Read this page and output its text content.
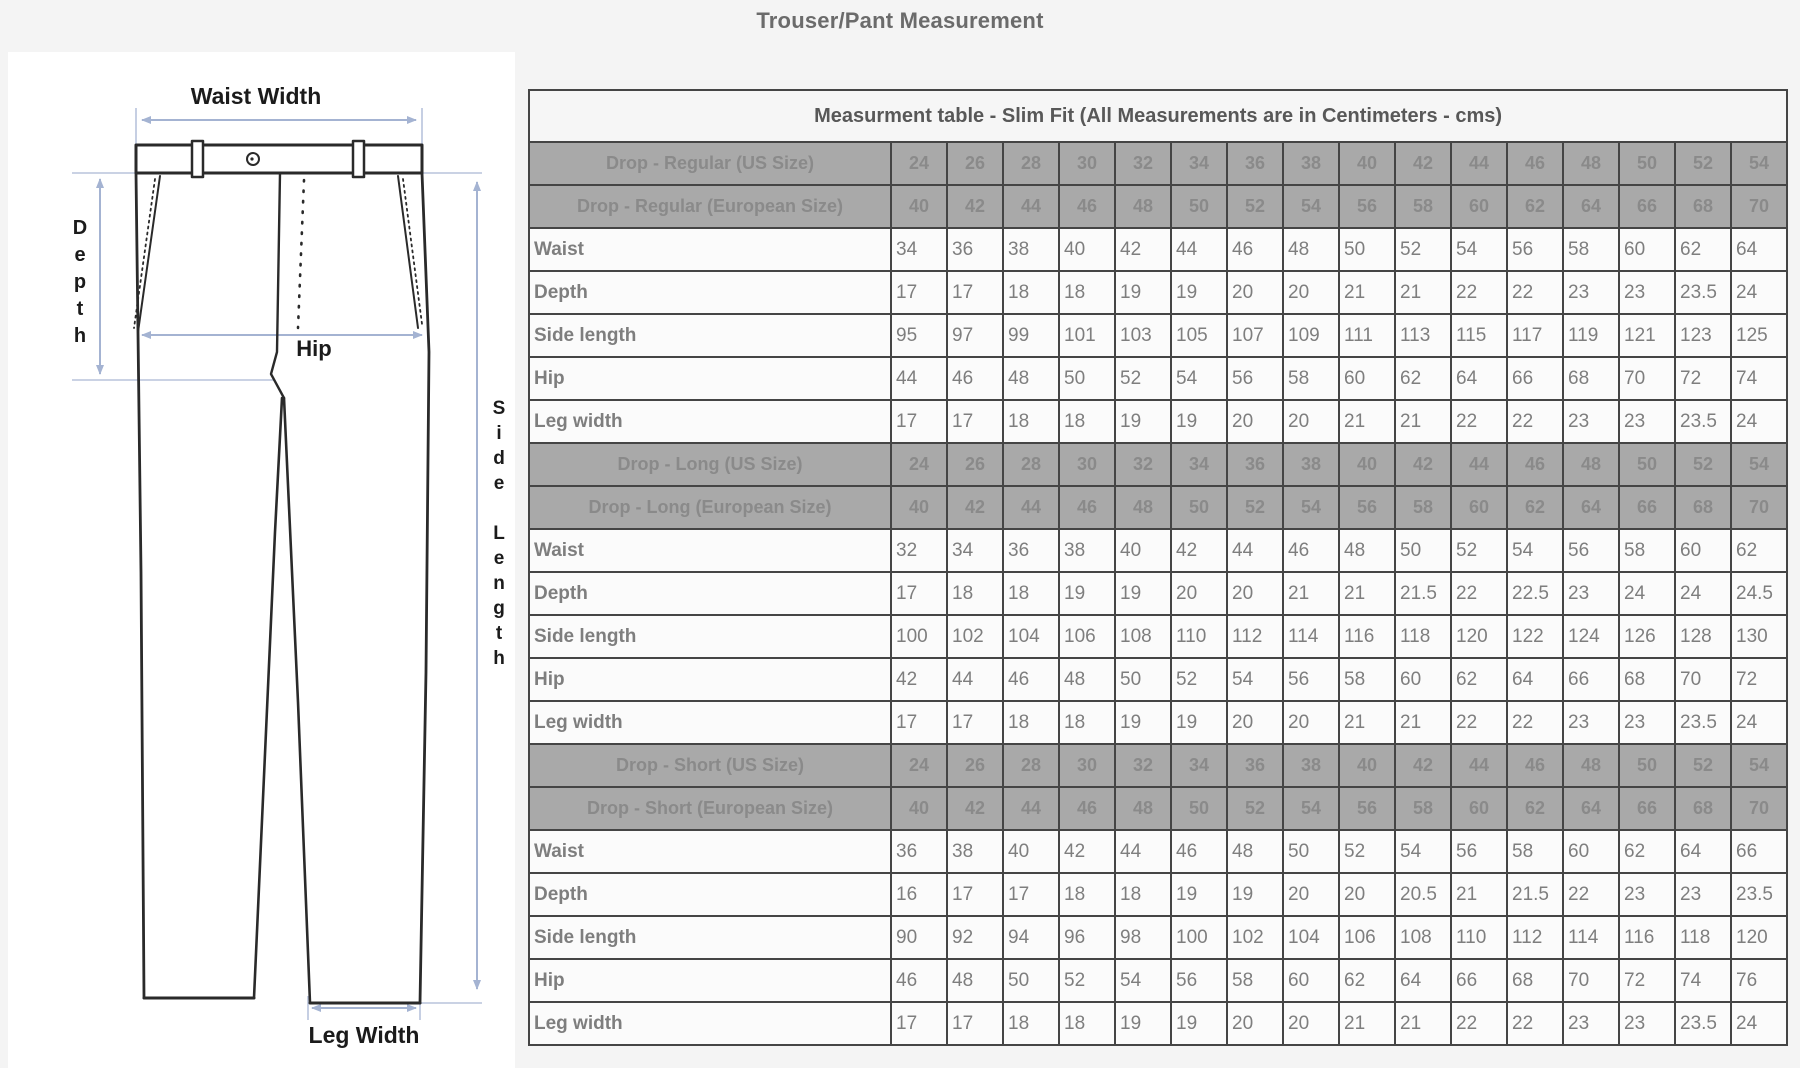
Trouser/Pant Measurement
Waist Width
D e p t h	Hip
S i d e L e n g t h
Leg Width
Measurment table - Slim Fit (All Measurements are in Centimeters - cms)																
Drop - Regular (US Size)	24	26	28	30	32	34	36	38	40	42	44	46	48	50	52	54
Drop - Regular (European Size)	40	42	44	46	48	50	52	54	56	58	60	62	64	66	68	70
Waist	34	36	38	40	42	44	46	48	50	52	54	56	58	60	62	64
Depth	17	17	18	18	19	19	20	20	21	21	22	22	23	23	23.5	24
Side length	95	97	99	101	103	105	107	109	111	113	115	117	119	121	123	125
Hip	44	46	48	50	52	54	56	58	60	62	64	66	68	70	72	74
Leg width	17	17	18	18	19	19	20	20	21	21	22	22	23	23	23.5	24
Drop - Long (US Size)	24	26	28	30	32	34	36	38	40	42	44	46	48	50	52	54
Drop - Long (European Size)	40	42	44	46	48	50	52	54	56	58	60	62	64	66	68	70
Waist	32	34	36	38	40	42	44	46	48	50	52	54	56	58	60	62
Depth	17	18	18	19	19	20	20	21	21	21.5	22	22.5	23	24	24	24.5
Side length	100	102	104	106	108	110	112	114	116	118	120	122	124	126	128	130
Hip	42	44	46	48	50	52	54	56	58	60	62	64	66	68	70	72
Leg width	17	17	18	18	19	19	20	20	21	21	22	22	23	23	23.5	24
Drop - Short (US Size)	24	26	28	30	32	34	36	38	40	42	44	46	48	50	52	54
Drop - Short (European Size)	40	42	44	46	48	50	52	54	56	58	60	62	64	66	68	70
Waist	36	38	40	42	44	46	48	50	52	54	56	58	60	62	64	66
Depth	16	17	17	18	18	19	19	20	20	20.5	21	21.5	22	23	23	23.5
Side length	90	92	94	96	98	100	102	104	106	108	110	112	114	116	118	120
Hip	46	48	50	52	54	56	58	60	62	64	66	68	70	72	74	76
Leg width	17	17	18	18	19	19	20	20	21	21	22	22	23	23	23.5	24
